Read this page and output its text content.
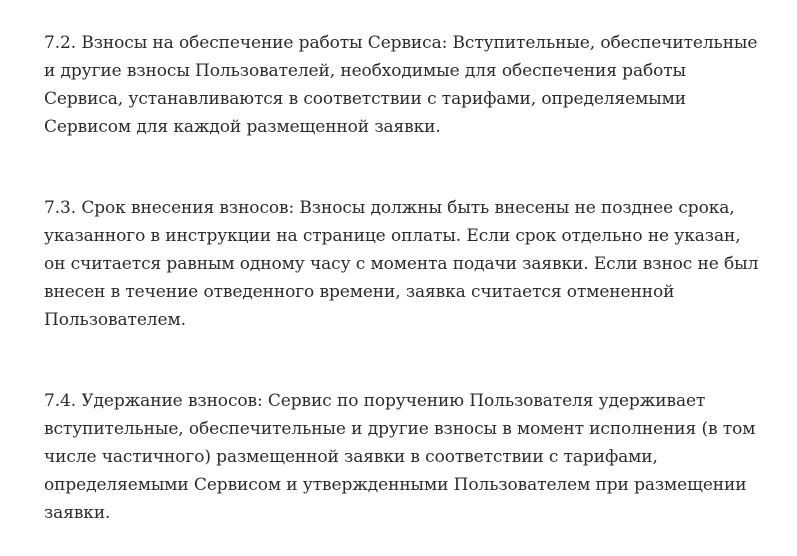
7.2. Взносы на обеспечение работы Сервиса: Вступительные, обеспечительные и другие взносы Пользователей, необходимые для обеспечения работы Сервиса, устанавливаются в соответствии с тарифами, определяемыми Сервисом для каждой размещенной заявки.

7.3. Срок внесения взносов: Взносы должны быть внесены не позднее срока, указанного в инструкции на странице оплаты. Если срок отдельно не указан, он считается равным одному часу с момента подачи заявки. Если взнос не был внесен в течение отведенного времени, заявка считается отмененной Пользователем.

7.4. Удержание взносов: Сервис по поручению Пользователя удерживает вступительные, обеспечительные и другие взносы в момент исполнения (в том числе частичного) размещенной заявки в соответствии с тарифами, определяемыми Сервисом и утвержденными Пользователем при размещении заявки.
